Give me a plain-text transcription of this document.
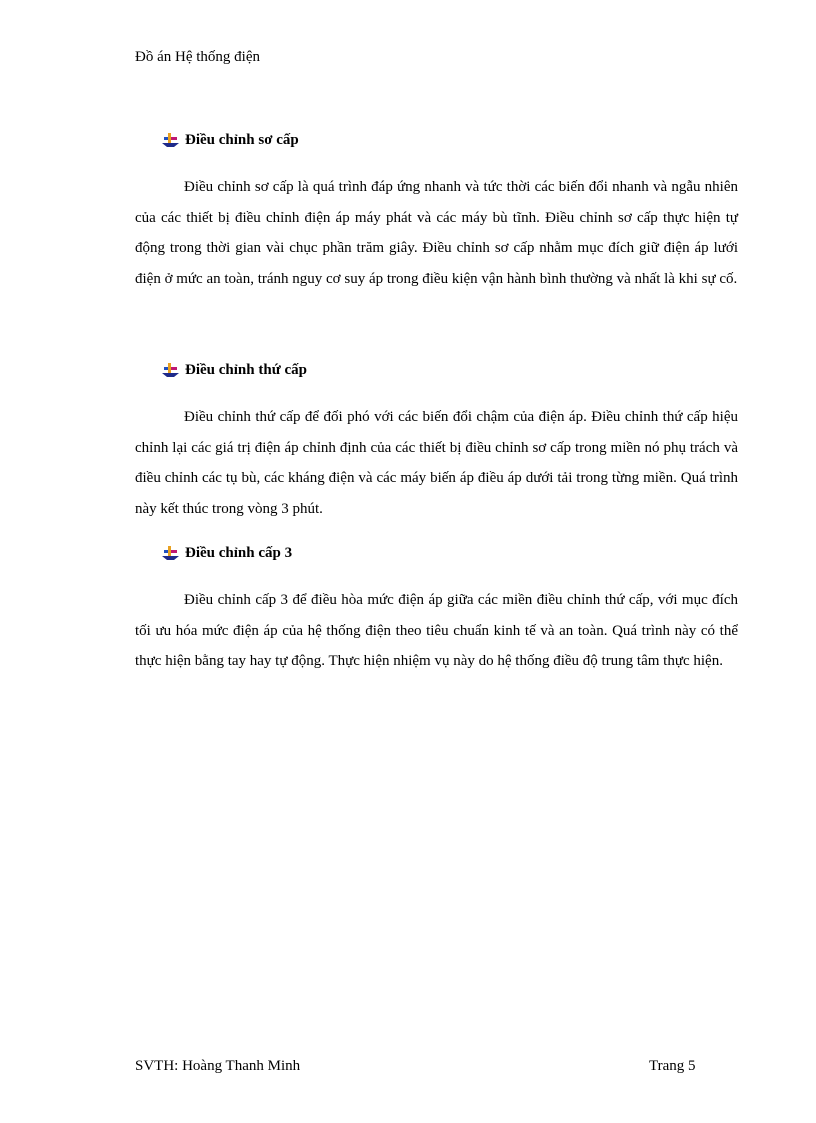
Đồ án Hệ thống điện
Điều chỉnh sơ cấp

Điều chỉnh sơ cấp là quá trình đáp ứng nhanh và tức thời các biến đổi nhanh và ngẫu nhiên của các thiết bị điều chỉnh điện áp máy phát và các máy bù tĩnh. Điều chỉnh sơ cấp thực hiện tự động trong thời gian vài chục phần trăm giây. Điều chỉnh sơ cấp nhằm mục đích giữ điện áp lưới điện ở mức an toàn, tránh nguy cơ suy áp trong điều kiện vận hành bình thường và nhất là khi sự cố.

Điều chỉnh thứ cấp

Điều chỉnh thứ cấp để đối phó với các biến đổi chậm của điện áp. Điều chỉnh thứ cấp hiệu chỉnh lại các giá trị điện áp chỉnh định của các thiết bị điều chỉnh sơ cấp trong miền nó phụ trách và điều chỉnh các tụ bù, các kháng điện và các máy biến áp điều áp dưới tải trong từng miền. Quá trình này kết thúc trong vòng 3 phút.

Điều chỉnh cấp 3

Điều chỉnh cấp 3 để điều hòa mức điện áp giữa các miền điều chỉnh thứ cấp, với mục đích tối ưu hóa mức điện áp của hệ thống điện theo tiêu chuẩn kinh tế và an toàn. Quá trình này có thể thực hiện bằng tay hay tự động. Thực hiện nhiệm vụ này do hệ thống điều độ trung tâm thực hiện.

SVTH: Hoàng Thanh Minh	Trang 5
